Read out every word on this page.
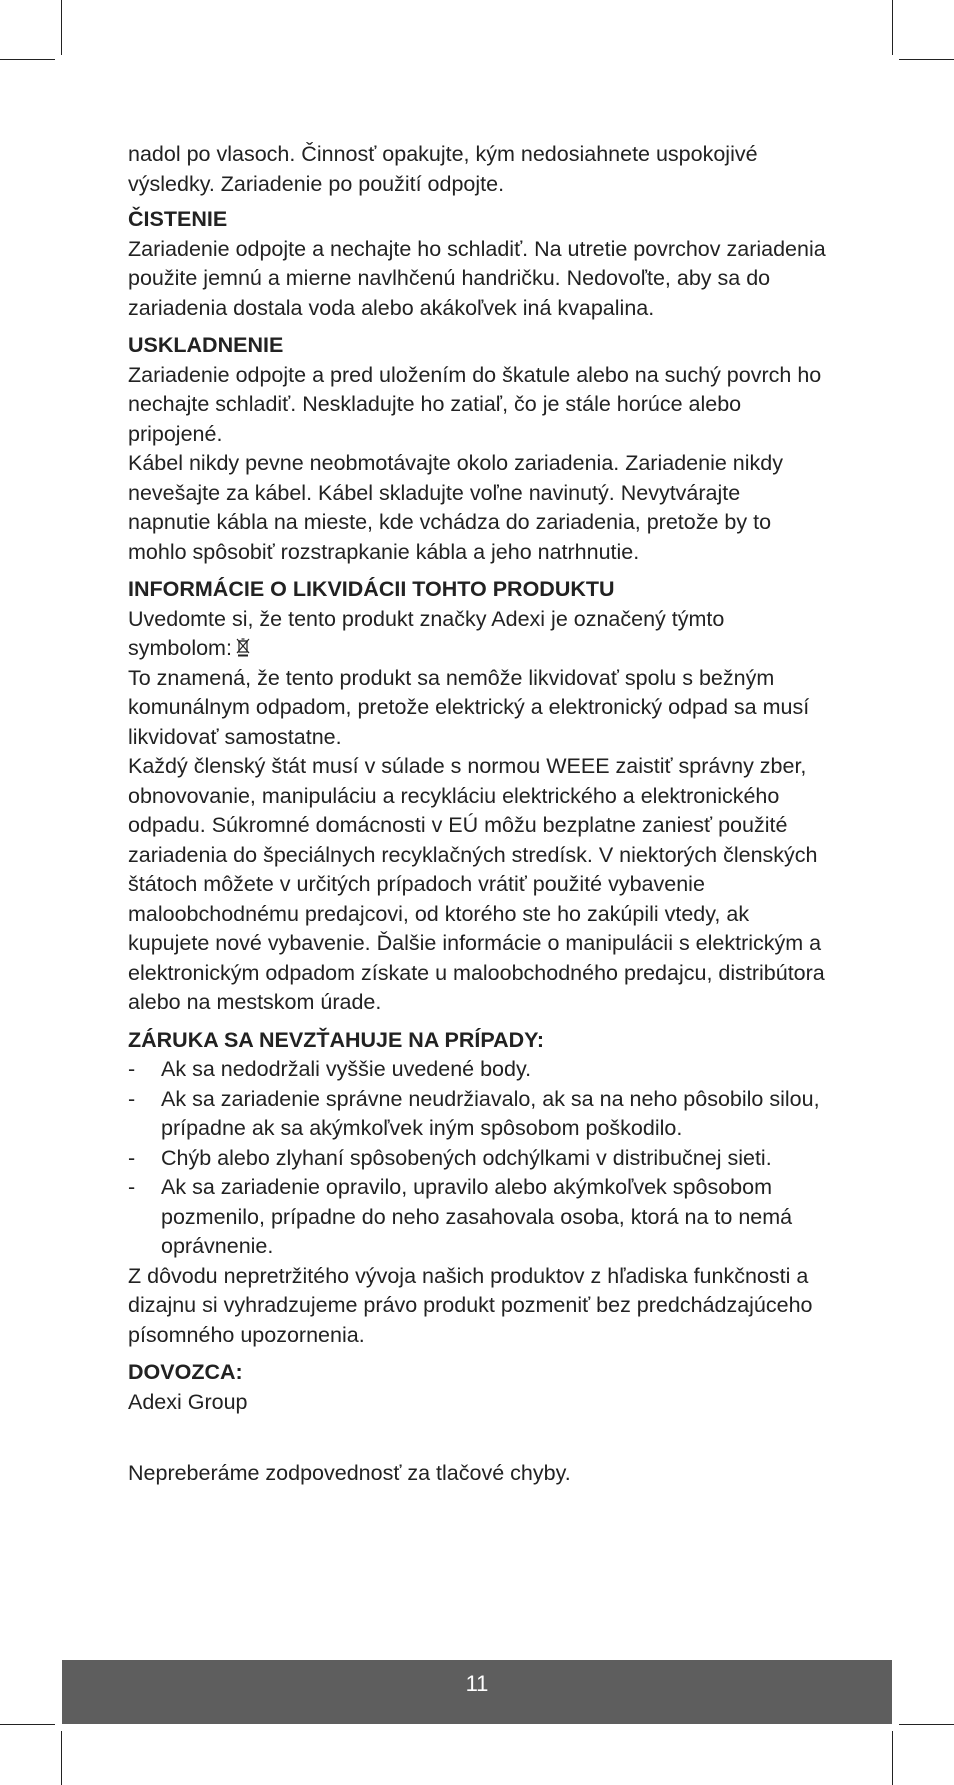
nadol po vlasoch. Činnosť opakujte, kým nedosiahnete uspokojivé výsledky. Zariadenie po použití odpojte.

ČISTENIE

Zariadenie odpojte a nechajte ho schladiť. Na utretie povrchov zariadenia použite jemnú a mierne navlhčenú handričku. Nedovoľte, aby sa do zariadenia dostala voda alebo akákoľvek iná kvapalina.

USKLADNENIE

Zariadenie odpojte a pred uložením do škatule alebo na suchý povrch ho nechajte schladiť. Neskladujte ho zatiaľ, čo je stále horúce alebo pripojené.

Kábel nikdy pevne neobmotávajte okolo zariadenia. Zariadenie nikdy nevešajte za kábel. Kábel skladujte voľne navinutý. Nevytvárajte napnutie kábla na mieste, kde vchádza do zariadenia, pretože by to mohlo spôsobiť rozstrapkanie kábla a jeho natrhnutie.

INFORMÁCIE O LIKVIDÁCII TOHTO PRODUKTU

Uvedomte si, že tento produkt značky Adexi je označený týmto symbolom:

To znamená, že tento produkt sa nemôže likvidovať spolu s bežným komunálnym odpadom, pretože elektrický a elektronický odpad sa musí likvidovať samostatne.

Každý členský štát musí v súlade s normou WEEE zaistiť správny zber, obnovovanie, manipuláciu a recykláciu elektrického a elektronického odpadu. Súkromné domácnosti v EÚ môžu bezplatne zaniesť použité zariadenia do špeciálnych recyklačných stredísk. V niektorých členských štátoch môžete v určitých prípadoch vrátiť použité vybavenie maloobchodnému predajcovi, od ktorého ste ho zakúpili vtedy, ak kupujete nové vybavenie. Ďalšie informácie o manipulácii s elektrickým a elektronickým odpadom získate u maloobchodného predajcu, distribútora alebo na mestskom úrade.

ZÁRUKA SA NEVZŤAHUJE NA PRÍPADY:
- Ak sa nedodržali vyššie uvedené body.
- Ak sa zariadenie správne neudržiavalo, ak sa na neho pôsobilo silou, prípadne ak sa akýmkoľvek iným spôsobom poškodilo.
- Chýb alebo zlyhaní spôsobených odchýlkami v distribučnej sieti.
- Ak sa zariadenie opravilo, upravilo alebo akýmkoľvek spôsobom pozmenilo, prípadne do neho zasahovala osoba, ktorá na to nemá oprávnenie.

Z dôvodu nepretržitého vývoja našich produktov z hľadiska funkčnosti a dizajnu si vyhradzujeme právo produkt pozmeniť bez predchádzajúceho písomného upozornenia.

DOVOZCA:

Adexi Group

Nepreberáme zodpovednosť za tlačové chyby.

11
